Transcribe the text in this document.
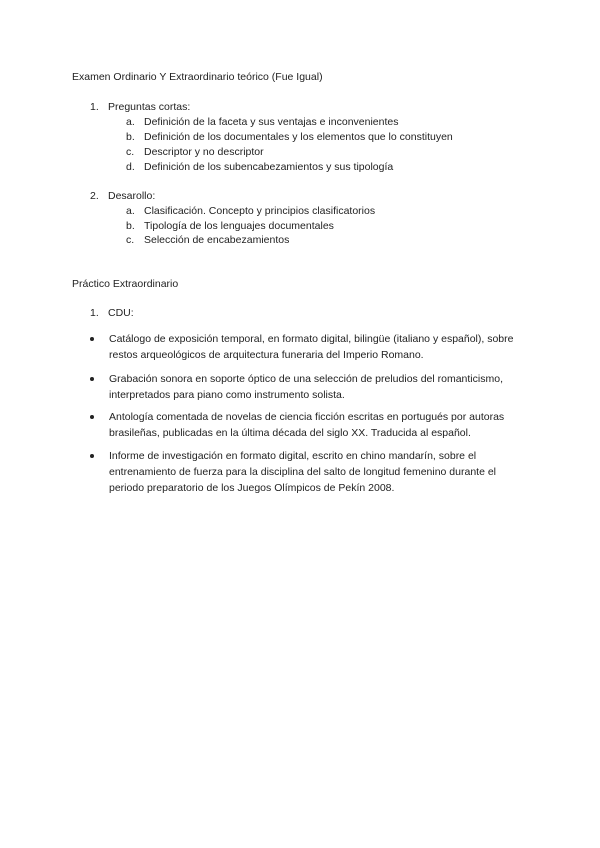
Examen Ordinario Y Extraordinario teórico (Fue Igual)
1. Preguntas cortas:
a. Definición de la faceta y sus ventajas e inconvenientes
b. Definición de los documentales y los elementos que lo constituyen
c. Descriptor y no descriptor
d. Definición de los subencabezamientos y sus tipología
2. Desarollo:
a. Clasificación. Concepto y principios clasificatorios
b. Tipología de los lenguajes documentales
c. Selección de encabezamientos
Práctico Extraordinario
1. CDU:
Catálogo de exposición temporal, en formato digital, bilingüe (italiano y español), sobre restos arqueológicos de arquitectura funeraria del Imperio Romano.
Grabación sonora en soporte óptico de una selección de preludios del romanticismo, interpretados para piano como instrumento solista.
Antología comentada de novelas de ciencia ficción escritas en portugués por autoras brasileñas, publicadas en la última década del siglo XX. Traducida al español.
Informe de investigación en formato digital, escrito en chino mandarín, sobre el entrenamiento de fuerza para la disciplina del salto de longitud femenino durante el periodo preparatorio de los Juegos Olímpicos de Pekín 2008.
